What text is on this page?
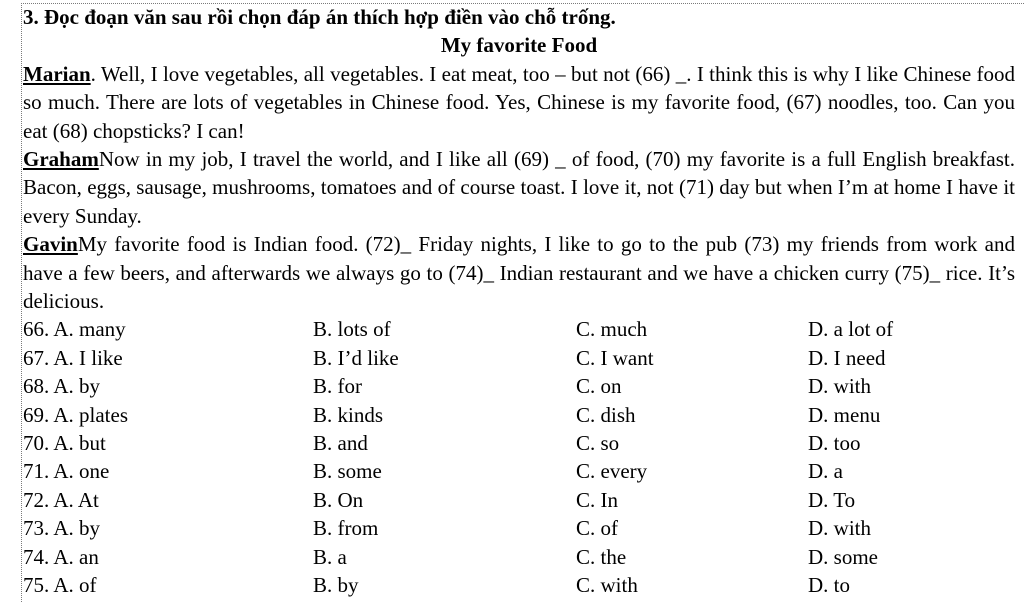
3. Đọc đoạn văn sau rồi chọn đáp án thích hợp điền vào chỗ trống.
My favorite Food
Marian. Well, I love vegetables, all vegetables. I eat meat, too – but not (66) _. I think this is why I like Chinese food so much. There are lots of vegetables in Chinese food. Yes, Chinese is my favorite food, (67) noodles, too. Can you eat (68) chopsticks? I can!
GrahamNow in my job, I travel the world, and I like all (69) _ of food, (70) my favorite is a full English breakfast. Bacon, eggs, sausage, mushrooms, tomatoes and of course toast. I love it, not (71) day but when I’m at home I have it every Sunday.
GavinMy favorite food is Indian food. (72)_ Friday nights, I like to go to the pub (73) my friends from work and have a few beers, and afterwards we always go to (74)_ Indian restaurant and we have a chicken curry (75)_ rice. It’s delicious.
66. A. many	B. lots of	C. much	D. a lot of
67. A. I like	B. I’d like	C. I want	D. I need
68. A. by	B. for	C. on	D. with
69. A. plates	B. kinds	C. dish	D. menu
70. A. but	B. and	C. so	D. too
71. A. one	B. some	C. every	D. a
72. A. At	B. On	C. In	D. To
73. A. by	B. from	C. of	D. with
74. A. an	B. a	C. the	D. some
75. A. of	B. by	C. with	D. to
